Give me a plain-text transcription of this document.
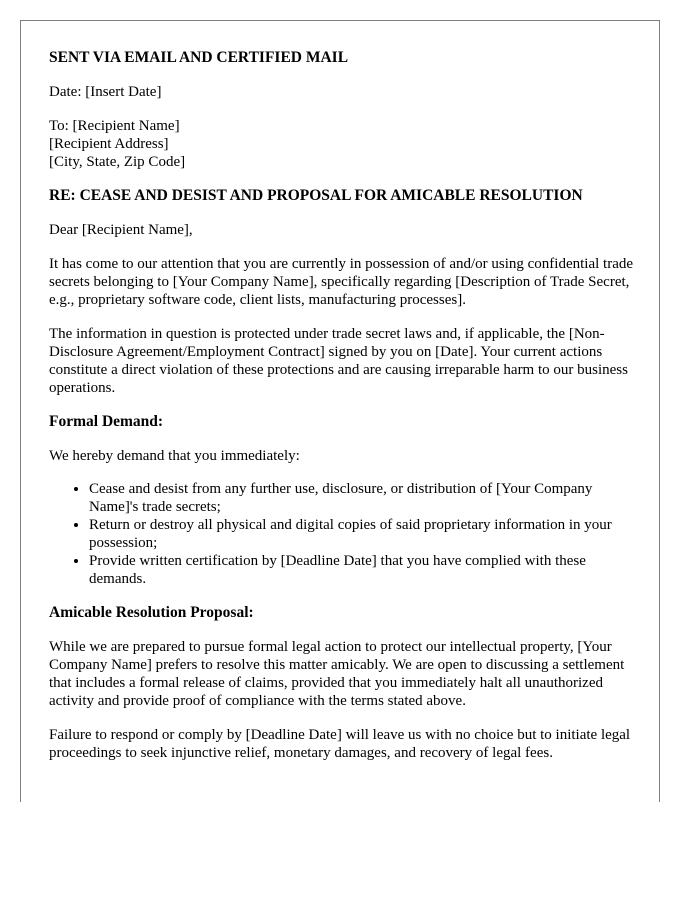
SENT VIA EMAIL AND CERTIFIED MAIL

Date: [Insert Date]

To: [Recipient Name]
[Recipient Address]
[City, State, Zip Code]

RE: CEASE AND DESIST AND PROPOSAL FOR AMICABLE RESOLUTION

Dear [Recipient Name],

It has come to our attention that you are currently in possession of and/or using confidential trade secrets belonging to [Your Company Name], specifically regarding [Description of Trade Secret, e.g., proprietary software code, client lists, manufacturing processes].

The information in question is protected under trade secret laws and, if applicable, the [Non-Disclosure Agreement/Employment Contract] signed by you on [Date]. Your current actions constitute a direct violation of these protections and are causing irreparable harm to our business operations.

Formal Demand:

We hereby demand that you immediately:

• Cease and desist from any further use, disclosure, or distribution of [Your Company Name]'s trade secrets;
• Return or destroy all physical and digital copies of said proprietary information in your possession;
• Provide written certification by [Deadline Date] that you have complied with these demands.

Amicable Resolution Proposal:

While we are prepared to pursue formal legal action to protect our intellectual property, [Your Company Name] prefers to resolve this matter amicably. We are open to discussing a settlement that includes a formal release of claims, provided that you immediately halt all unauthorized activity and provide proof of compliance with the terms stated above.

Failure to respond or comply by [Deadline Date] will leave us with no choice but to initiate legal proceedings to seek injunctive relief, monetary damages, and recovery of legal fees.
